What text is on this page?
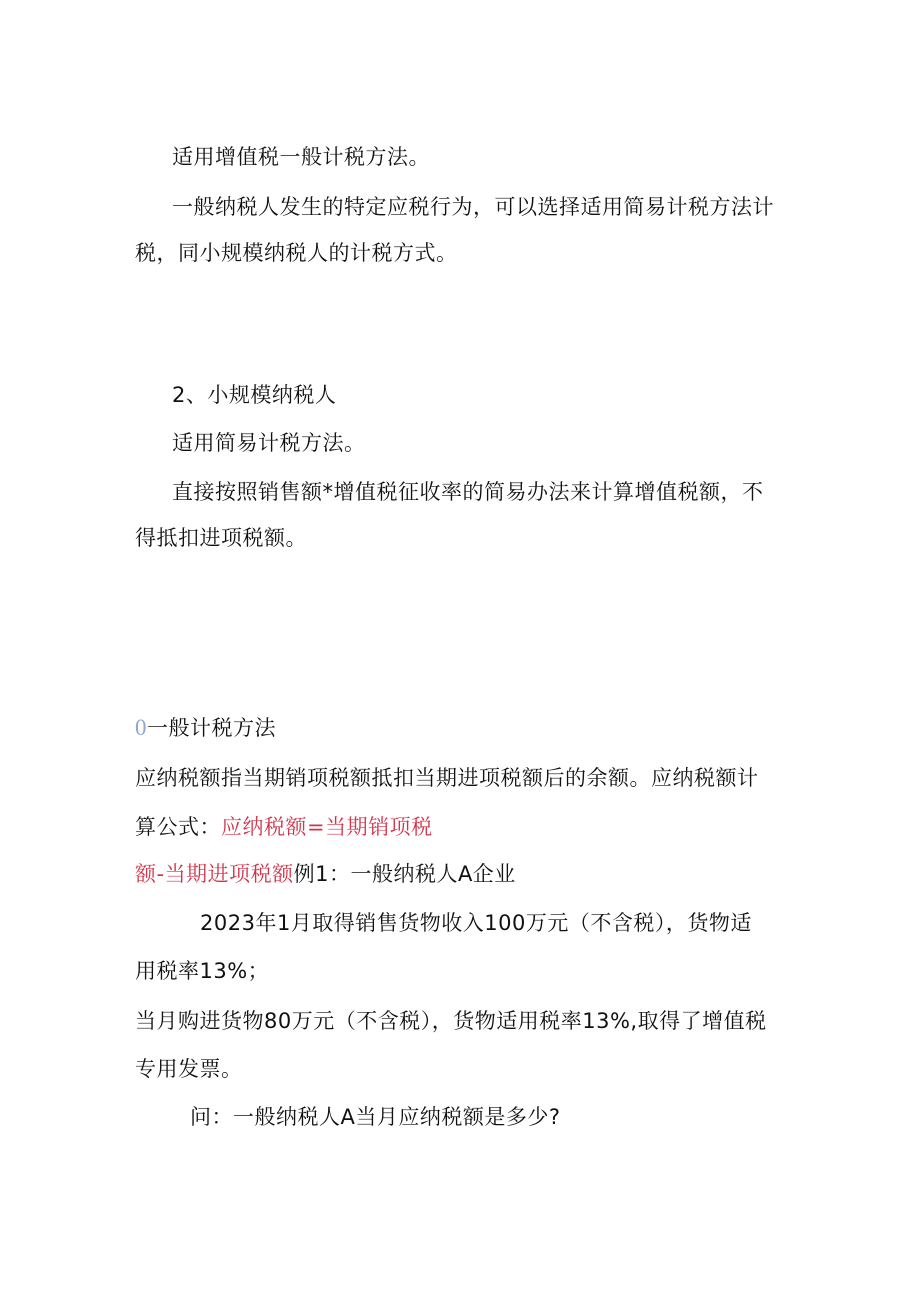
适用增值税一般计税方法。
一般纳税人发生的特定应税行为，可以选择适用简易计税方法计
税，同小规模纳税人的计税方式。
2、小规模纳税人
适用简易计税方法。
直接按照销售额*增值税征收率的简易办法来计算增值税额，不
得抵扣进项税额。
0一般计税方法
应纳税额指当期销项税额抵扣当期进项税额后的余额。应纳税额计
算公式：应纳税额=当期销项税
额-当期进项税额例1：一般纳税人A企业
2023年1月取得销售货物收入100万元（不含税），货物适
用税率13%；
当月购进货物80万元（不含税），货物适用税率13%,取得了增值税
专用发票。
问：一般纳税人A当月应纳税额是多少?
